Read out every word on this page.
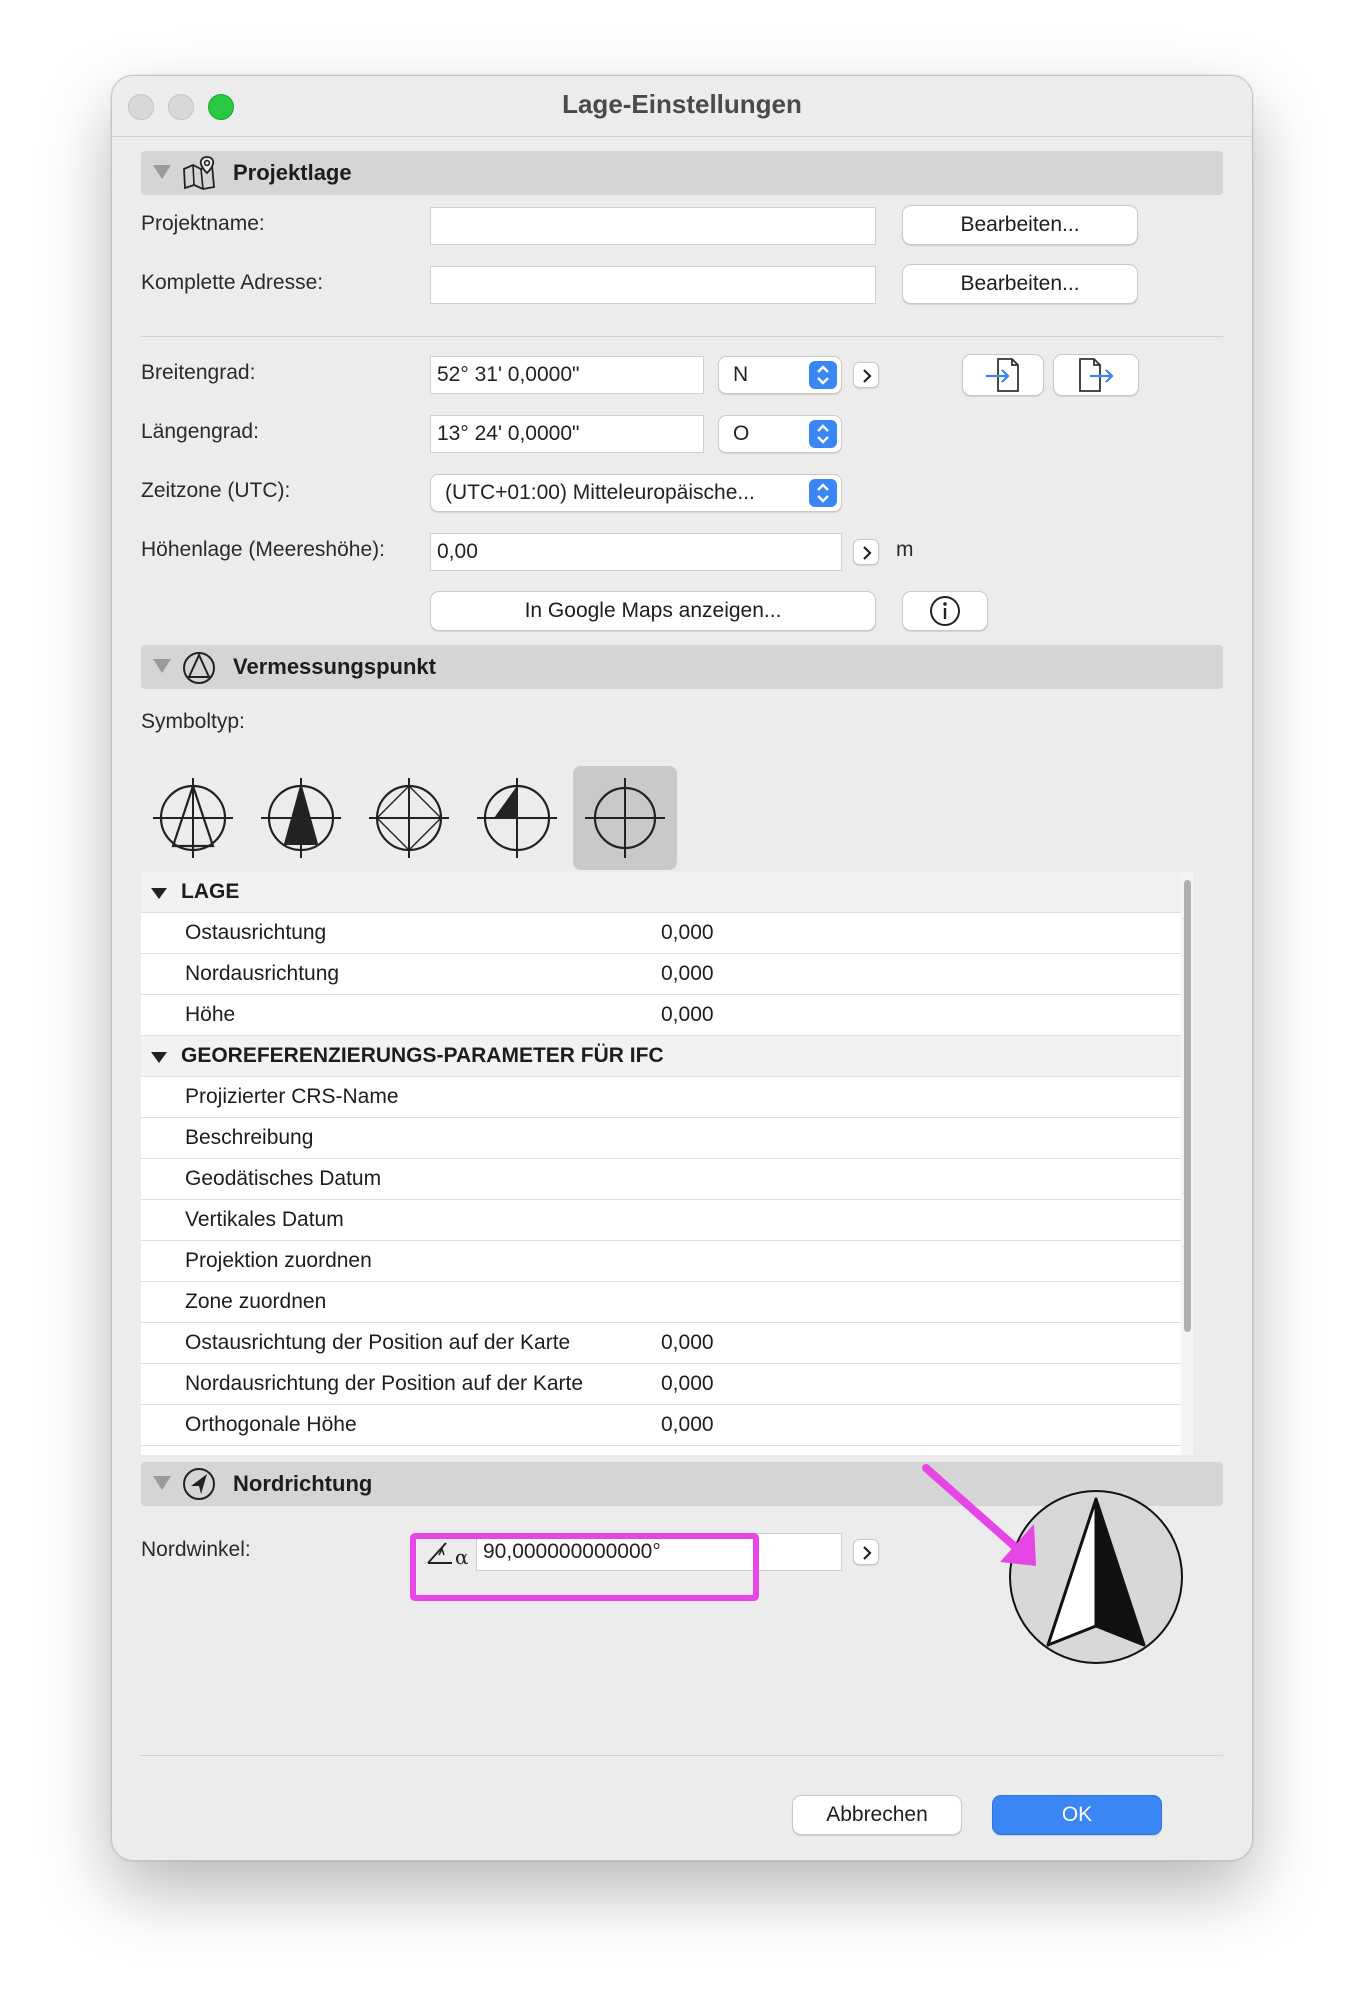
Lage-Einstellungen
Projektlage
Projektname:	Bearbeiten...
Komplette Adresse:	Bearbeiten...
Breitengrad:	52° 31' 0,0000"	N
Längengrad:	13° 24' 0,0000"	O
Zeitzone (UTC):	(UTC+01:00) Mitteleuropäische...
Höhenlage (Meereshöhe):	0,00	m
In Google Maps anzeigen...
Vermessungspunkt
Symboltyp:
LAGE
Ostausrichtung	0,000
Nordausrichtung	0,000
Höhe	0,000
GEOREFERENZIERUNGS-PARAMETER FÜR IFC
Projizierter CRS-Name
Beschreibung
Geodätisches Datum
Vertikales Datum
Projektion zuordnen
Zone zuordnen
Ostausrichtung der Position auf der Karte	0,000
Nordausrichtung der Position auf der Karte	0,000
Orthogonale Höhe	0,000
Nordrichtung
Nordwinkel:	α 90,000000000000°
Abbrechen	OK
